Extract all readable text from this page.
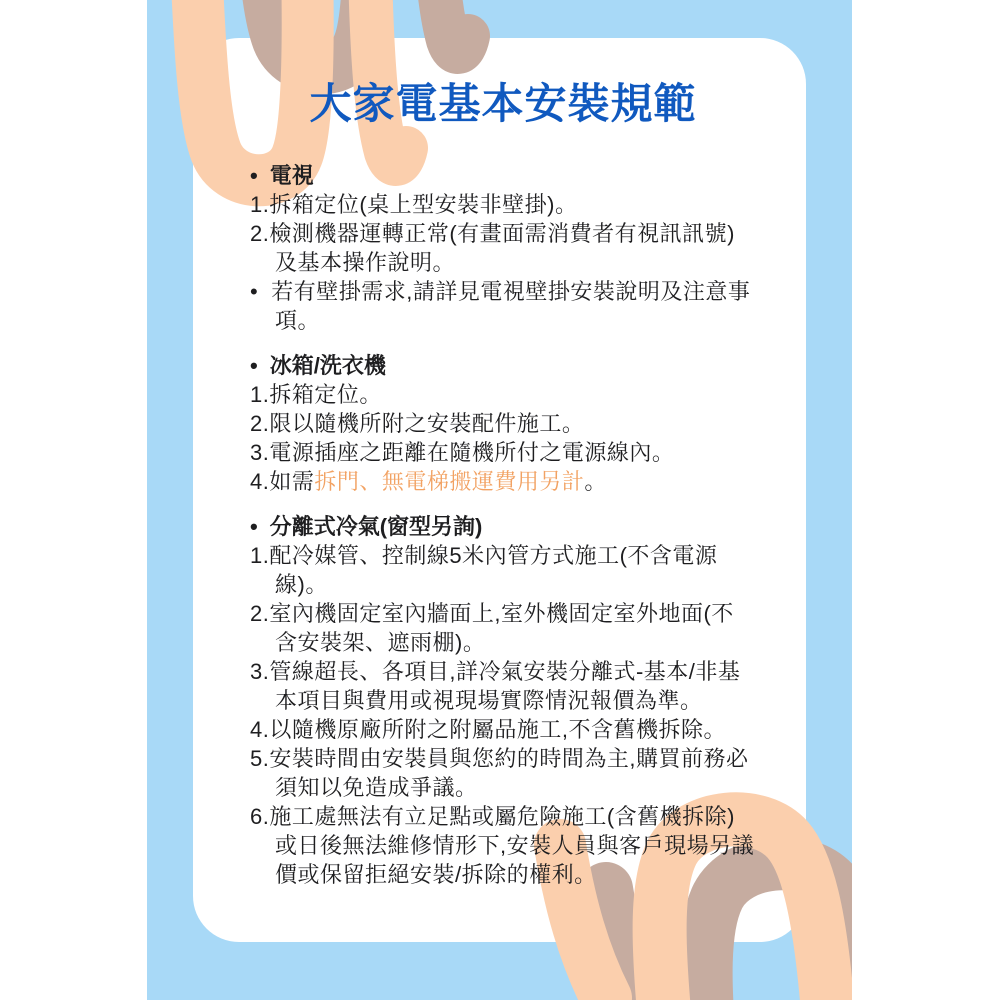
大家電基本安裝規範
• 電視
1.拆箱定位(桌上型安裝非壁掛)。
2.檢測機器運轉正常(有畫面需消費者有視訊訊號)及基本操作說明。
• 若有壁掛需求,請詳見電視壁掛安裝說明及注意事項。
• 冰箱/洗衣機
1.拆箱定位。
2.限以隨機所附之安裝配件施工。
3.電源插座之距離在隨機所付之電源線內。
4.如需拆門、無電梯搬運費用另計。
• 分離式冷氣(窗型另詢)
1.配冷媒管、控制線5米內管方式施工(不含電源線)。
2.室內機固定室內牆面上,室外機固定室外地面(不含安裝架、遮雨棚)。
3.管線超長、各項目,詳冷氣安裝分離式-基本/非基本項目與費用或視現場實際情況報價為準。
4.以隨機原廠所附之附屬品施工,不含舊機拆除。
5.安裝時間由安裝員與您約的時間為主,購買前務必須知以免造成爭議。
6.施工處無法有立足點或屬危險施工(含舊機拆除)或日後無法維修情形下,安裝人員與客戶現場另議價或保留拒絕安裝/拆除的權利。
